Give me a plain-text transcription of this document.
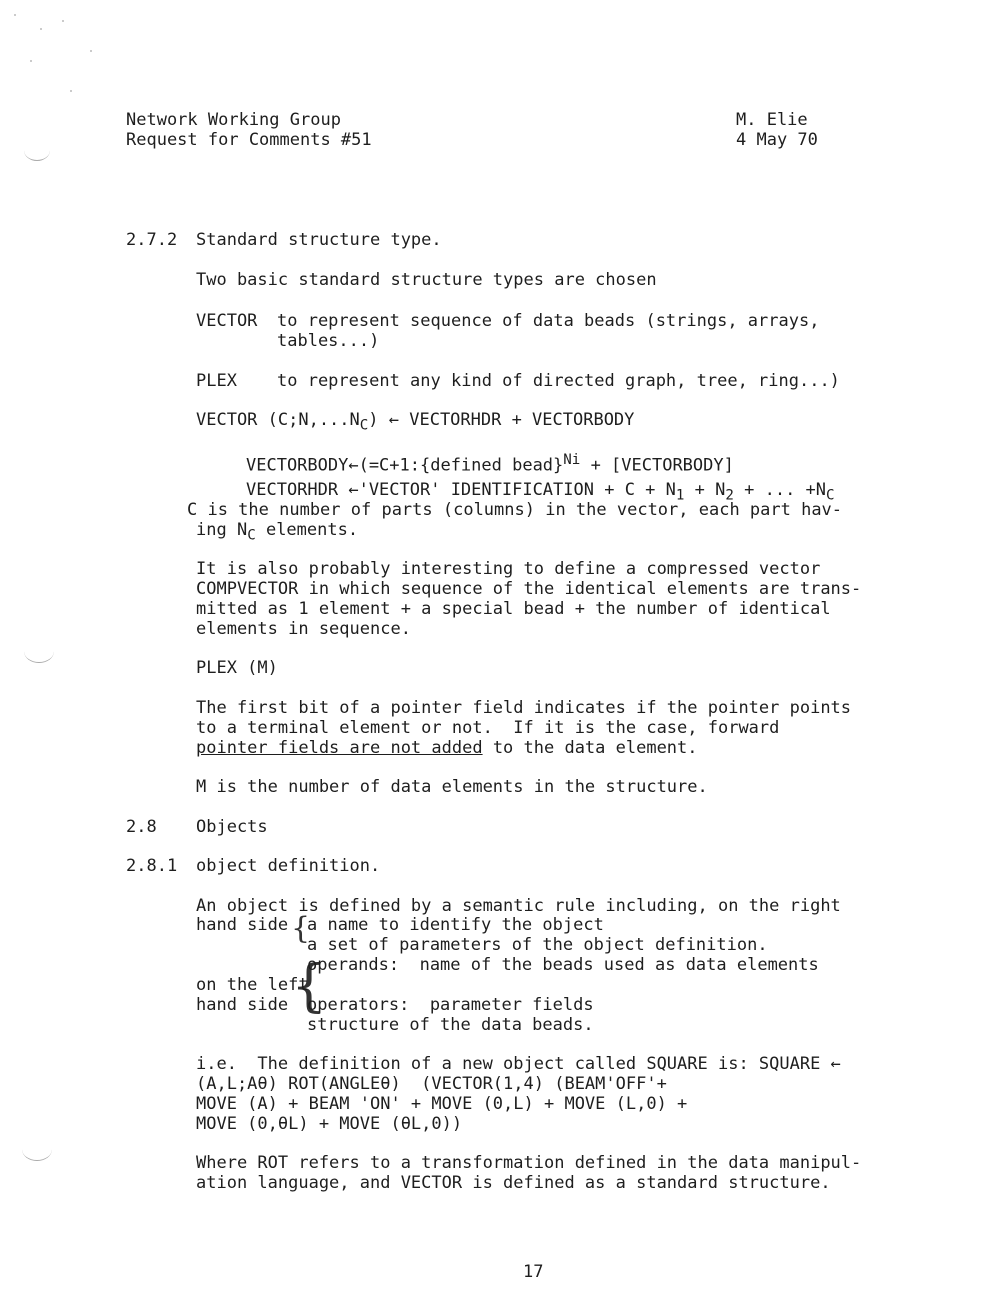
Network Working Group
Request for Comments #51
M. Elie
4 May 70
2.7.2 Standard structure type.
Two basic standard structure types are chosen
VECTOR to represent sequence of data beads (strings, arrays,
tables...)
PLEX to represent any kind of directed graph, tree, ring...)
VECTOR $(C;N,...N_C)$ ← VECTORHDR + VECTORBODY
VECTORBODY←(=C+1:{defined bead}$^{Ni}$ + [VECTORBODY]
VECTORHDR ←'VECTOR' IDENTIFICATION + $C + N_1 + N_2$ + ... $+N_C$
C is the number of parts (columns) in the vector, each part hav-
ing $N_C$ elements.
It is also probably interesting to define a compressed vector
COMPVECTOR in which sequence of the identical elements are trans-
mitted as 1 element + a special bead + the number of identical
elements in sequence.
PLEX (M)
The first bit of a pointer field indicates if the pointer points
to a terminal element or not.  If it is the case, forward
pointer fields are not added to the data element.
M is the number of data elements in the structure.
2.8 Objects
2.8.1 object definition.
An object is defined by a semantic rule including, on the right
hand side {
a name to identify the object
a set of parameters of the object definition.
{
operands:  name of the beads used as data elements
on the left
hand side operators:  parameter fields
structure of the data beads.
i.e.  The definition of a new object called SQUARE is: SQUARE ←
(A,L;Aθ) ROT(ANGLEθ)  (VECTOR(1,4) (BEAM'OFF'+
MOVE (A) + BEAM 'ON' + MOVE (0,L) + MOVE (L,0) +
MOVE (0,θL) + MOVE (θL,0))
Where ROT refers to a transformation defined in the data manipul-
ation language, and VECTOR is defined as a standard structure.
17
